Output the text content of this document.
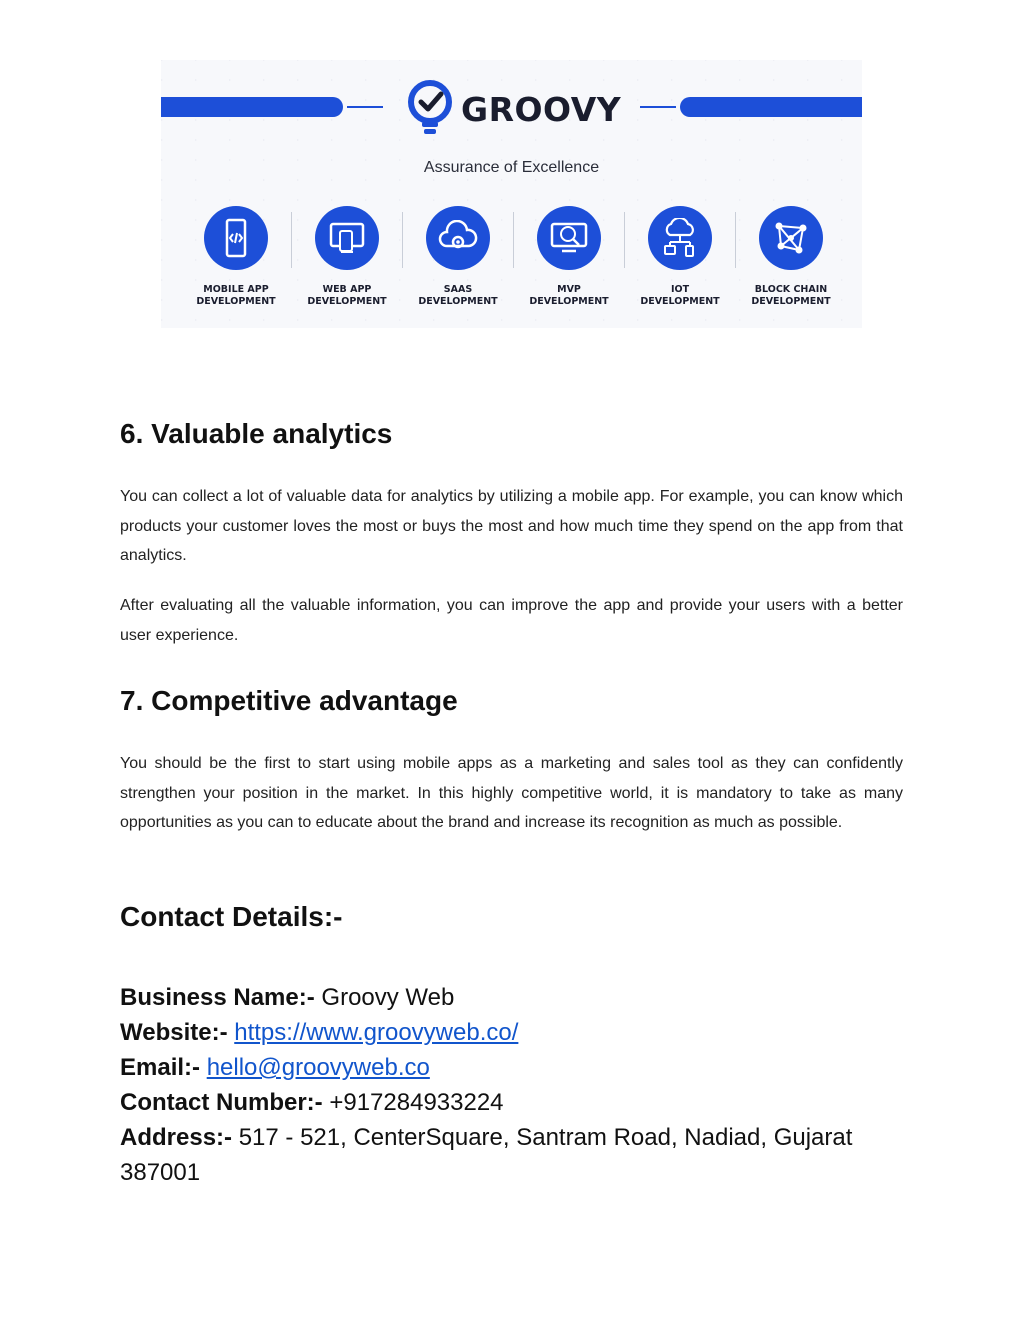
GROOVY
Assurance of Excellence
MOBILE APP
DEVELOPMENT
WEB APP
DEVELOPMENT
SAAS
DEVELOPMENT
MVP
DEVELOPMENT
IOT
DEVELOPMENT
BLOCK CHAIN
DEVELOPMENT
6. Valuable analytics

You can collect a lot of valuable data for analytics by utilizing a mobile app. For example, you can know which products your customer loves the most or buys the most and how much time they spend on the app from that analytics.

After evaluating all the valuable information, you can improve the app and provide your users with a better user experience.

7. Competitive advantage

You should be the first to start using mobile apps as a marketing and sales tool as they can confidently strengthen your position in the market. In this highly competitive world, it is mandatory to take as many opportunities as you can to educate about the brand and increase its recognition as much as possible.

Contact Details:-
Business Name:- Groovy Web
Website:- https://www.groovyweb.co/
Email:- hello@groovyweb.co
Contact Number:- +917284933224
Address:- 517 - 521, CenterSquare, Santram Road, Nadiad, Gujarat 387001
